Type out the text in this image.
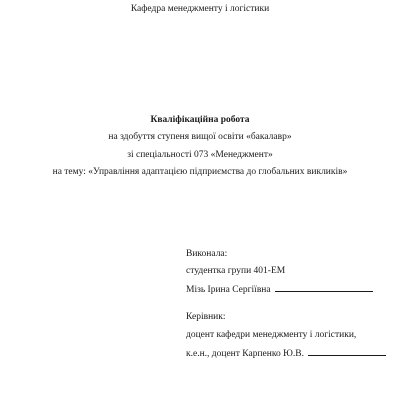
Кафедра менеджменту і логістики
Кваліфікаційна робота
на здобуття ступеня вищої освіти «бакалавр»
зі спеціальності 073 «Менеджмент»
на тему: «Управління адаптацією підприємства до глобальних викликів»
Виконала:
студентка групи 401-ЕМ
Мізь Ірина Сергіївна
Керівник:
доцент кафедри менеджменту і логістики,
к.е.н., доцент Карпенко Ю.В.
